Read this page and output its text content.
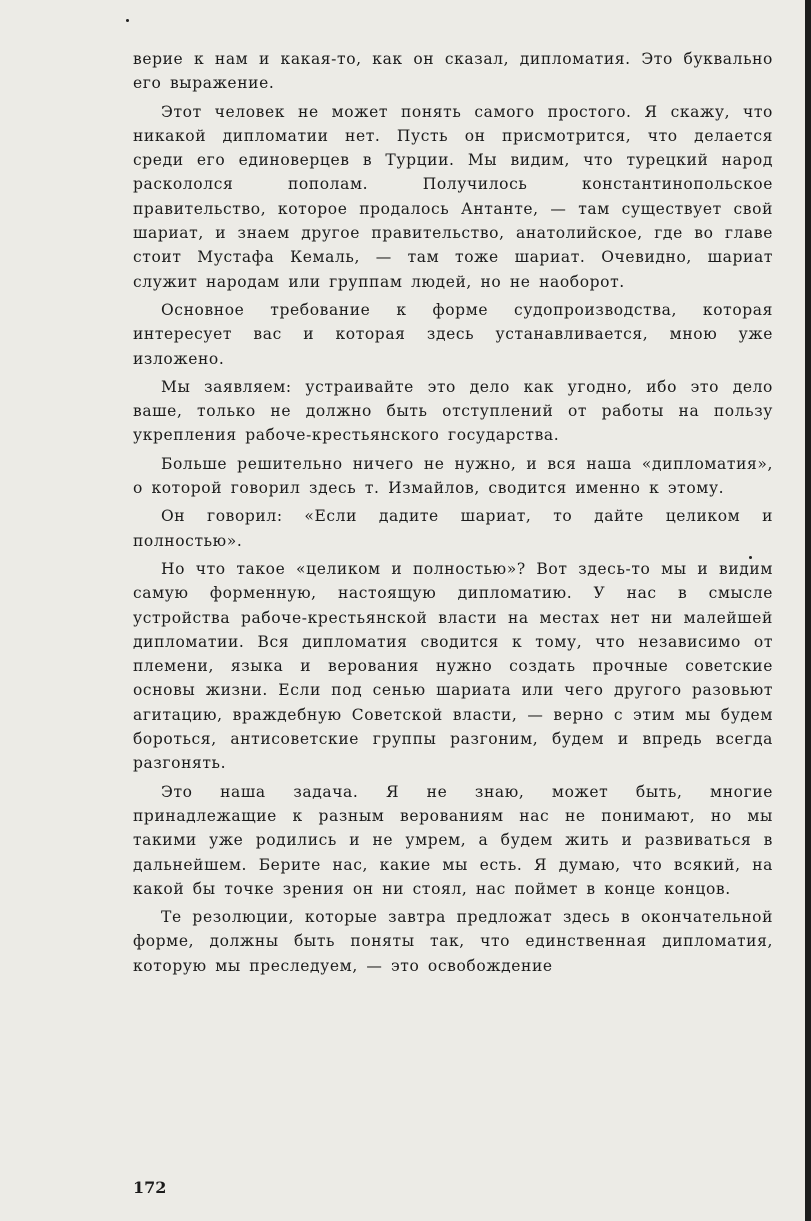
верие к нам и какая-то, как он сказал, дипломатия. Это буквально его выражение.

Этот человек не может понять самого простого. Я скажу, что никакой дипломатии нет. Пусть он присмотрится, что делается среди его единоверцев в Турции. Мы видим, что турецкий народ раскололся пополам. Получилось константинопольское правительство, которое продалось Антанте, — там существует свой шариат, и знаем другое правительство, анатолийское, где во главе стоит Мустафа Кемаль, — там тоже шариат. Очевидно, шариат служит народам или группам людей, но не наоборот.

Основное требование к форме судопроизводства, которая интересует вас и которая здесь устанавливается, мною уже изложено.

Мы заявляем: устраивайте это дело как угодно, ибо это дело ваше, только не должно быть отступлений от работы на пользу укрепления рабоче-крестьянского государства.

Больше решительно ничего не нужно, и вся наша «дипломатия», о которой говорил здесь т. Измайлов, сводится именно к этому.

Он говорил: «Если дадите шариат, то дайте целиком и полностью».

Но что такое «целиком и полностью»? Вот здесь-то мы и видим самую форменную, настоящую дипломатию. У нас в смысле устройства рабоче-крестьянской власти на местах нет ни малейшей дипломатии. Вся дипломатия сводится к тому, что независимо от племени, языка и верования нужно создать прочные советские основы жизни. Если под сенью шариата или чего другого разовьют агитацию, враждебную Советской власти, — верно с этим мы будем бороться, антисоветские группы разгоним, будем и впредь всегда разгонять.

Это наша задача. Я не знаю, может быть, многие принадлежащие к разным верованиям нас не понимают, но мы такими уже родились и не умрем, а будем жить и развиваться в дальнейшем. Берите нас, какие мы есть. Я думаю, что всякий, на какой бы точке зрения он ни стоял, нас поймет в конце концов.

Те резолюции, которые завтра предложат здесь в окончательной форме, должны быть поняты так, что единственная дипломатия, которую мы преследуем, — это освобождение

172
